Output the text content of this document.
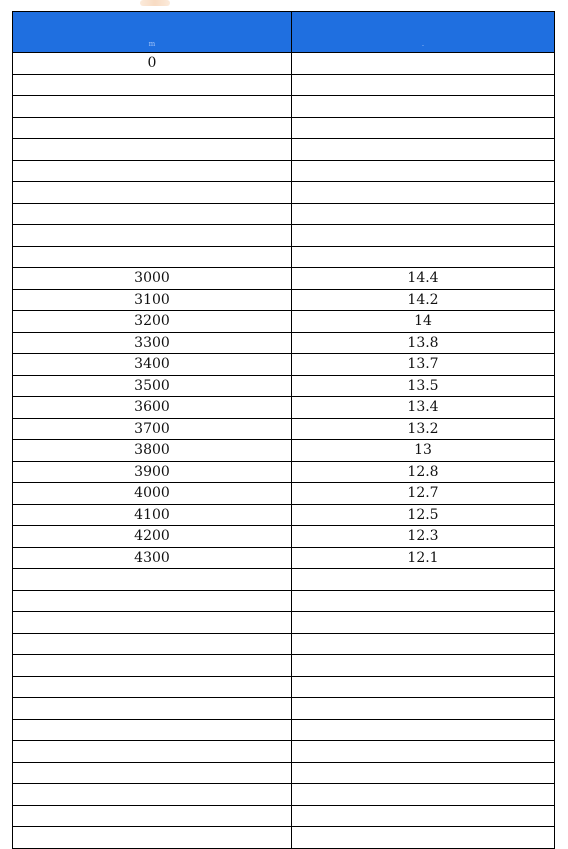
m	.

0	

3000	14.4
3100	14.2
3200	14
3300	13.8
3400	13.7
3500	13.5
3600	13.4
3700	13.2
3800	13
3900	12.8
4000	12.7
4100	12.5
4200	12.3
4300	12.1
